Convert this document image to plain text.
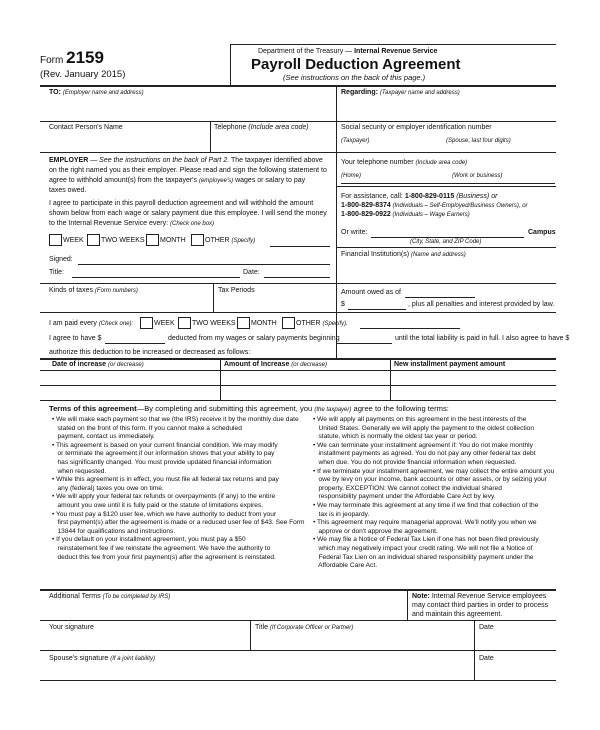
Form 2159
(Rev. January 2015)
Department of the Treasury — Internal Revenue Service
Payroll Deduction Agreement
(See instructions on the back of this page.)
TO: (Employer name and address)	Regarding: (Taxpayer name and address)
Contact Person's Name	Telephone (Include area code)	Social security or employer identification number
(Taxpayer)	(Spouse, last four digits)
EMPLOYER — See the instructions on the back of Part 2. The taxpayer identified above
on the right named you as their employer. Please read and sign the following statement to
agree to withhold amount(s) from the taxpayer's (employee's) wages or salary to pay
taxes owed.
I agree to participate in this payroll deduction agreement and will withhold the amount
shown below from each wage or salary payment due this employee. I will send the money
to the Internal Revenue Service every: (Check one box)
WEEK TWO WEEKS MONTH	OTHER (Specify)
Signed:
Title:	Date:
Your telephone number (Include area code)
(Home)	(Work or business)
For assistance, call: 1-800-829-0115 (Business) or
1-800-829-8374 (Individuals – Self-Employed/Business Owners), or
1-800-829-0922 (Individuals – Wage Earners)
Or write:	Campus
(City, State, and ZIP Code)
Financial Institution(s) (Name and address)
Kinds of taxes (Form numbers)	Tax Periods	Amount owed as of
$	, plus all penalties and interest provided by law.
I am paid every (Check one):	WEEK TWO WEEKS MONTH	OTHER (Specify).
I agree to have $	deducted from my wages or salary payments beginning	until the total liability is paid in full. I also agree to have $
authorize this deduction to be increased or decreased as follows:
Date of increase (or decrease)	Amount of Increase (or decrease)	New installment payment amount
Terms of this agreement—By completing and submitting this agreement, you (the taxpayer) agree to the following terms:
• We will make each payment so that we (the IRS) receive it by the monthly due date
stated on the front of this form. If you cannot make a scheduled
payment, contact us immediately.
• This agreement is based on your current financial condition. We may modify
or terminate the agreement if our information shows that your ability to pay
has significantly changed. You must provide updated financial information
when requested.
• While this agreement is in effect, you must file all federal tax returns and pay
any (federal) taxes you owe on time.
• We will apply your federal tax refunds or overpayments (if any) to the entire
amount you owe until it is fully paid or the statute of limitations expires.
• You must pay a $120 user fee, which we have authority to deduct from your
first payment(s) after the agreement is made or a reduced user fee of $43. See Form
13844 for qualifications and instructions.
• If you default on your installment agreement, you must pay a $50
reinstatement fee if we reinstate the agreement. We have the authority to
deduct this fee from your first payment(s) after the agreement is reinstated.
• We will apply all payments on this agreement in the best interests of the
United States. Generally we will apply the payment to the oldest collection
statute, which is normally the oldest tax year or period.
• We can terminate your installment agreement if: You do not make monthly
installment payments as agreed. You do not pay any other federal tax debt
when due. You do not provide financial information when requested.
• If we terminate your installment agreement, we may collect the entire amount you
owe by levy on your income, bank accounts or other assets, or by seizing your
property. EXCEPTION: We cannot collect the individual shared
responsibility payment under the Affordable Care Act by levy.
• We may terminate this agreement at any time if we find that collection of the
tax is in jeopardy.
• This agreement may require managerial approval. We'll notify you when we
approve or don't approve the agreement.
• We may file a Notice of Federal Tax Lien if one has not been filed previously
which may negatively impact your credit rating. We will not file a Notice of
Federal Tax Lien on an individual shared responsibility payment under the
Affordable Care Act.
Additional Terms (To be completed by IRS)	Note: Internal Revenue Service employees
may contact third parties in order to process
and maintain this agreement.
Your signature	Title (If Corporate Officer or Partner)	Date
Spouse's signature (If a joint liability)	Date
